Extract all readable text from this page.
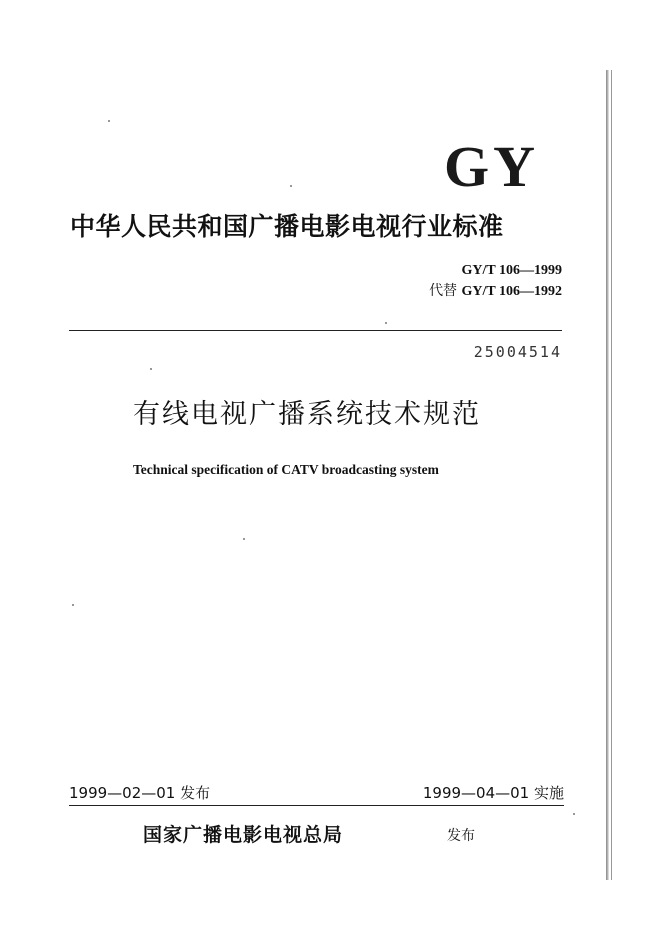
GY
中华人民共和国广播电影电视行业标准
GY/T 106—1999
代替 GY/T 106—1992
25004514
有线电视广播系统技术规范
Technical specification of CATV broadcasting system
1999—02—01 发布	1999—04—01 实施
国家广播电影电视总局	发布
